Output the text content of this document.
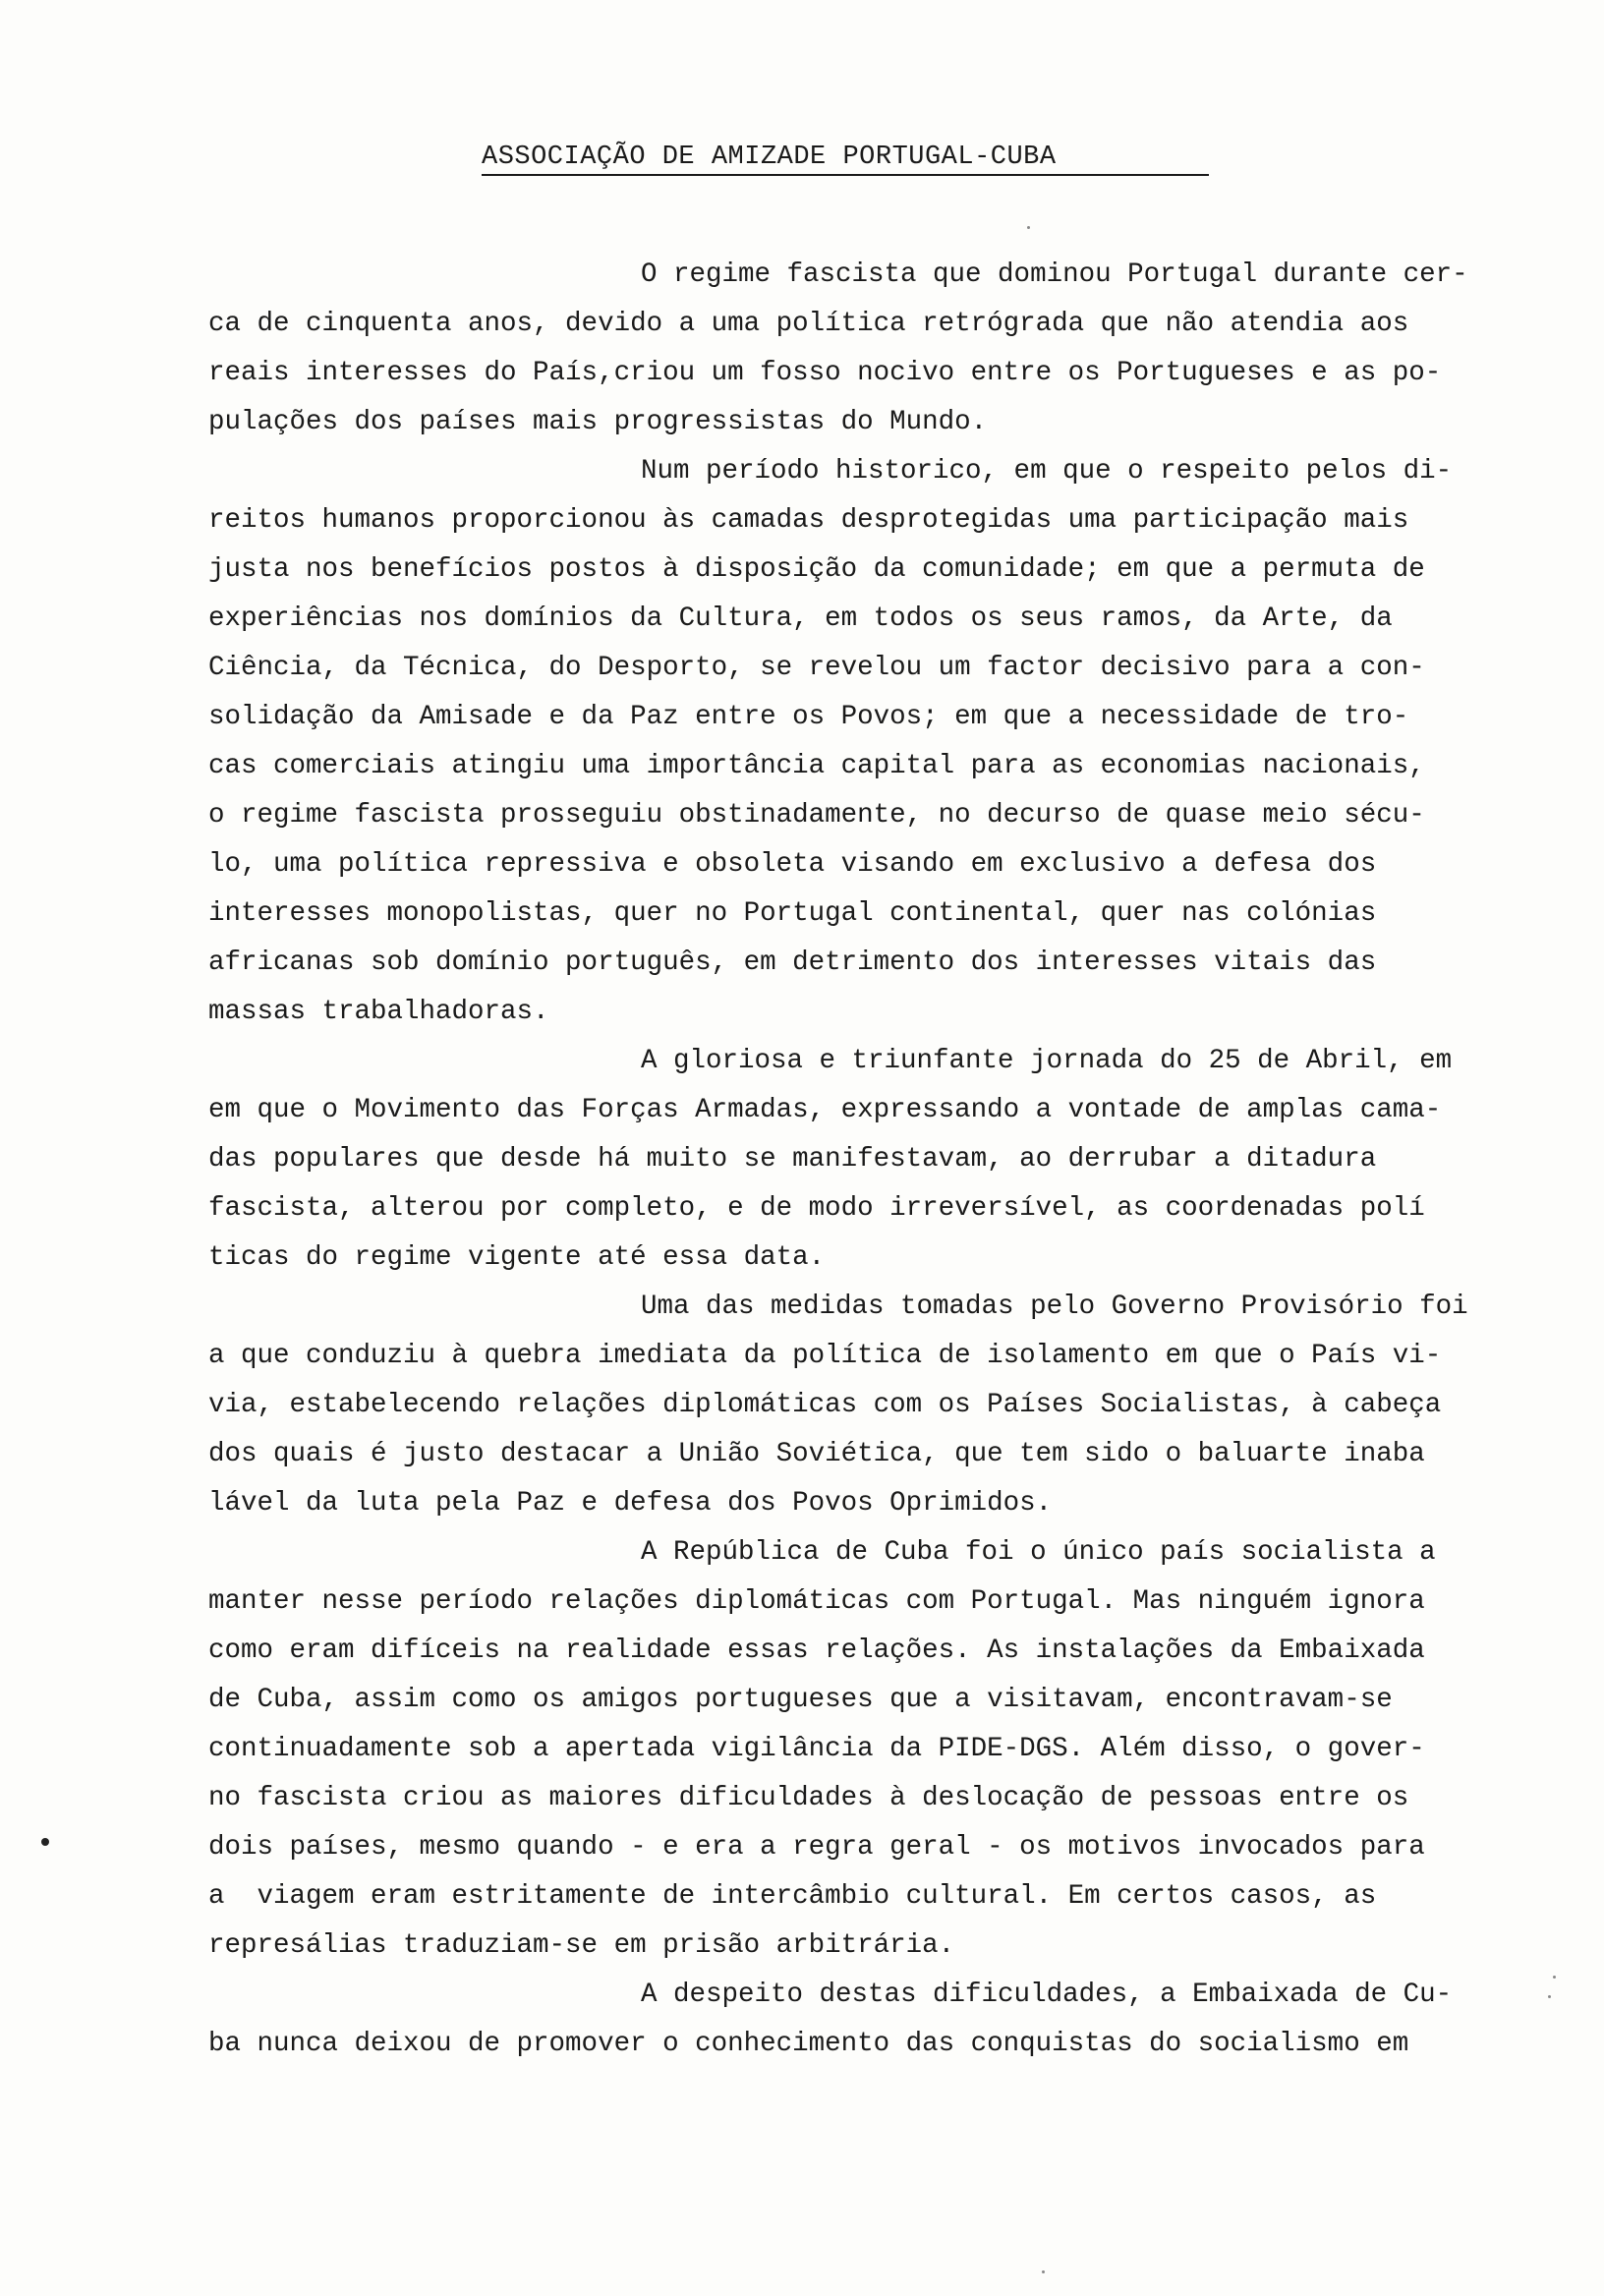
ASSOCIAÇÃO DE AMIZADE PORTUGAL-CUBA
O regime fascista que dominou Portugal durante cer-
ca de cinquenta anos, devido a uma política retrógrada que não atendia aos
reais interesses do País,criou um fosso nocivo entre os Portugueses e as po-
pulações dos países mais progressistas do Mundo.
Num período historico, em que o respeito pelos di-
reitos humanos proporcionou às camadas desprotegidas uma participação mais
justa nos benefícios postos à disposição da comunidade; em que a permuta de
experiências nos domínios da Cultura, em todos os seus ramos, da Arte, da
Ciência, da Técnica, do Desporto, se revelou um factor decisivo para a con-
solidação da Amisade e da Paz entre os Povos; em que a necessidade de tro-
cas comerciais atingiu uma importância capital para as economias nacionais,
o regime fascista prosseguiu obstinadamente, no decurso de quase meio sécu-
lo, uma política repressiva e obsoleta visando em exclusivo a defesa dos
interesses monopolistas, quer no Portugal continental, quer nas colónias
africanas sob domínio português, em detrimento dos interesses vitais das
massas trabalhadoras.
A gloriosa e triunfante jornada do 25 de Abril, em
em que o Movimento das Forças Armadas, expressando a vontade de amplas cama-
das populares que desde há muito se manifestavam, ao derrubar a ditadura
fascista, alterou por completo, e de modo irreversível, as coordenadas polí
ticas do regime vigente até essa data.
Uma das medidas tomadas pelo Governo Provisório foi
a que conduziu à quebra imediata da política de isolamento em que o País vi-
via, estabelecendo relações diplomáticas com os Países Socialistas, à cabeça
dos quais é justo destacar a União Soviética, que tem sido o baluarte inaba
lável da luta pela Paz e defesa dos Povos Oprimidos.
A República de Cuba foi o único país socialista a
manter nesse período relações diplomáticas com Portugal. Mas ninguém ignora
como eram difíceis na realidade essas relações. As instalações da Embaixada
de Cuba, assim como os amigos portugueses que a visitavam, encontravam-se
continuadamente sob a apertada vigilância da PIDE-DGS. Além disso, o gover-
no fascista criou as maiores dificuldades à deslocação de pessoas entre os
dois países, mesmo quando - e era a regra geral - os motivos invocados para
a  viagem eram estritamente de intercâmbio cultural. Em certos casos, as
represálias traduziam-se em prisão arbitrária.
A despeito destas dificuldades, a Embaixada de Cu-
ba nunca deixou de promover o conhecimento das conquistas do socialismo em
